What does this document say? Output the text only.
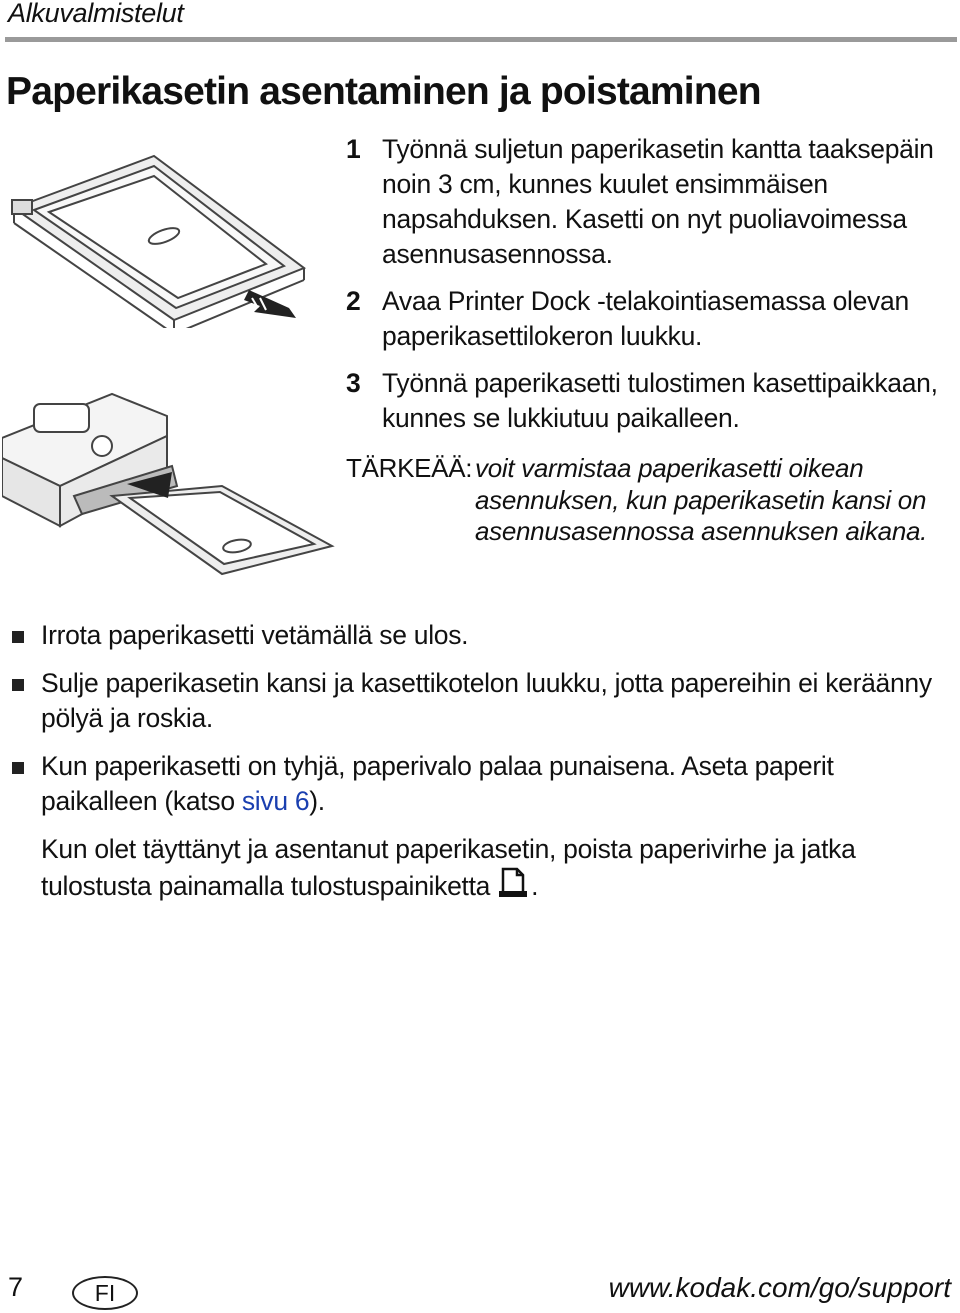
Alkuvalmistelut
Paperikasetin asentaminen ja poistaminen
1 Työnnä suljetun paperikasetin kantta taaksepäin noin 3 cm, kunnes kuulet ensimmäisen napsahduksen. Kasetti on nyt puoliavoimessa asennusasennossa.
2 Avaa Printer Dock -telakointiasemassa olevan paperikasettilokeron luukku.
3 Työnnä paperikasetti tulostimen kasettipaikkaan, kunnes se lukkiutuu paikalleen.
TÄRKEÄÄ: voit varmistaa paperikasetti oikean asennuksen, kun paperikasetin kansi on asennusasennossa asennuksen aikana.
Irrota paperikasetti vetämällä se ulos.
Sulje paperikasetin kansi ja kasettikotelon luukku, jotta papereihin ei keräänny pölyä ja roskia.
Kun paperikasetti on tyhjä, paperivalo palaa punaisena. Aseta paperit paikalleen (katso sivu 6).
Kun olet täyttänyt ja asentanut paperikasetin, poista paperivirhe ja jatka tulostusta painamalla tulostuspainiketta .
7	FI	www.kodak.com/go/support
